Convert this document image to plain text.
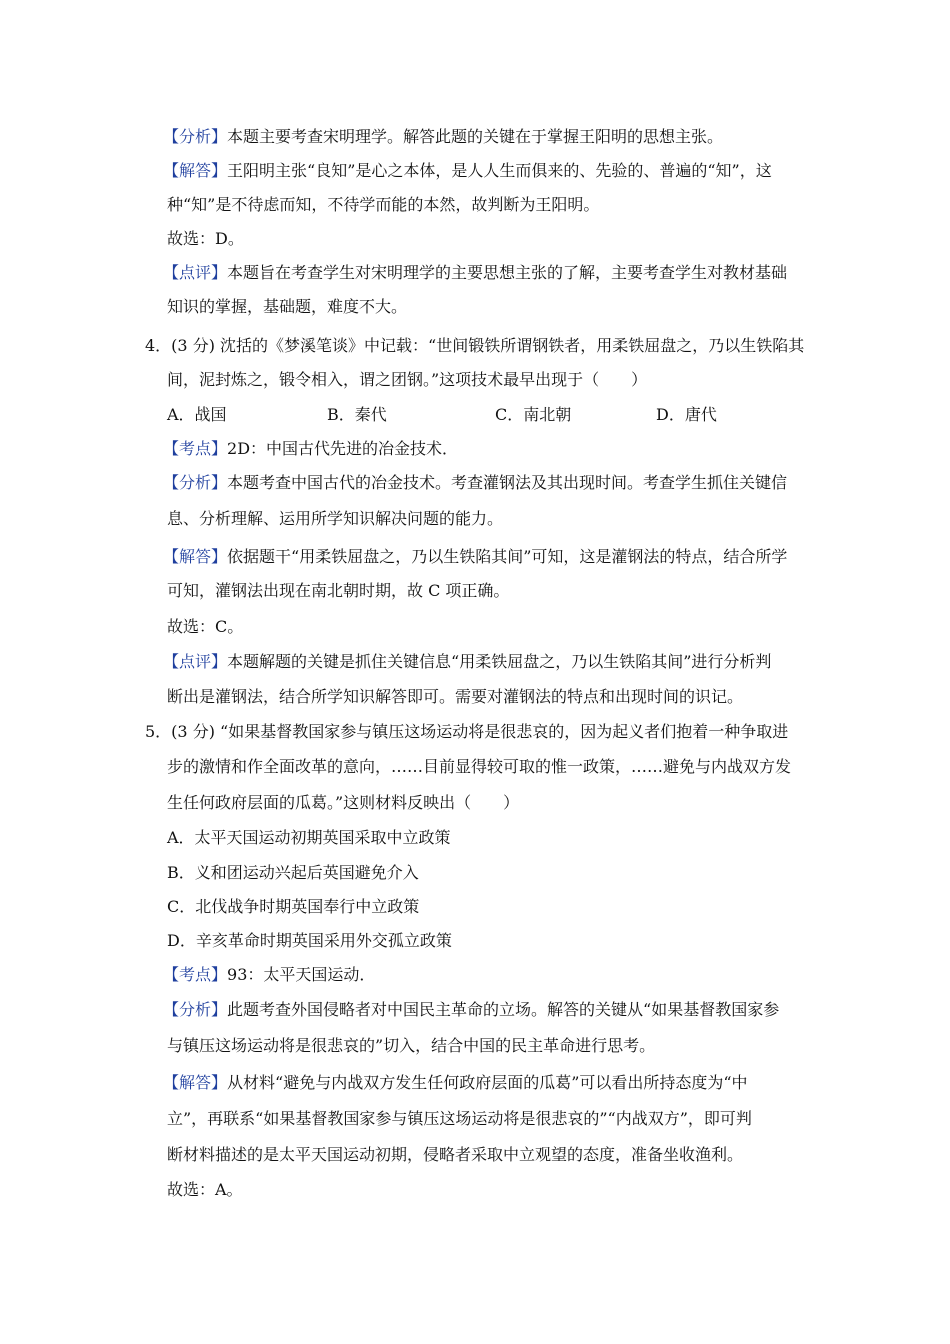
【分析】本题主要考查宋明理学。解答此题的关键在于掌握王阳明的思想主张。
【解答】王阳明主张“良知”是心之本体，是人人生而俱来的、先验的、普遍的“知”，这
种“知”是不待虑而知，不待学而能的本然，故判断为王阳明。
故选：D。
【点评】本题旨在考查学生对宋明理学的主要思想主张的了解，主要考查学生对教材基础
知识的掌握，基础题，难度不大。
4．(3 分) 沈括的《梦溪笔谈》中记载：“世间锻铁所谓钢铁者，用柔铁屈盘之，乃以生铁陷其
间，泥封炼之，锻令相入，谓之团钢。”这项技术最早出现于（　　）
A．战国	B．秦代	C．南北朝	D．唐代
【考点】2D：中国古代先进的冶金技术．
【分析】本题考查中国古代的冶金技术。考查灌钢法及其出现时间。考查学生抓住关键信
息、分析理解、运用所学知识解决问题的能力。
【解答】依据题干“用柔铁屈盘之，乃以生铁陷其间”可知，这是灌钢法的特点，结合所学
可知，灌钢法出现在南北朝时期，故 C 项正确。
故选：C。
【点评】本题解题的关键是抓住关键信息“用柔铁屈盘之，乃以生铁陷其间”进行分析判
断出是灌钢法，结合所学知识解答即可。需要对灌钢法的特点和出现时间的识记。
5．(3 分) “如果基督教国家参与镇压这场运动将是很悲哀的，因为起义者们抱着一种争取进
步的激情和作全面改革的意向，……目前显得较可取的惟一政策，……避免与内战双方发
生任何政府层面的瓜葛。”这则材料反映出（　　）
A．太平天国运动初期英国采取中立政策
B．义和团运动兴起后英国避免介入
C．北伐战争时期英国奉行中立政策
D．辛亥革命时期英国采用外交孤立政策
【考点】93：太平天国运动．
【分析】此题考查外国侵略者对中国民主革命的立场。解答的关键从“如果基督教国家参
与镇压这场运动将是很悲哀的”切入，结合中国的民主革命进行思考。
【解答】从材料“避免与内战双方发生任何政府层面的瓜葛”可以看出所持态度为“中
立”，再联系“如果基督教国家参与镇压这场运动将是很悲哀的”“内战双方”，即可判
断材料描述的是太平天国运动初期，侵略者采取中立观望的态度，准备坐收渔利。
故选：A。
